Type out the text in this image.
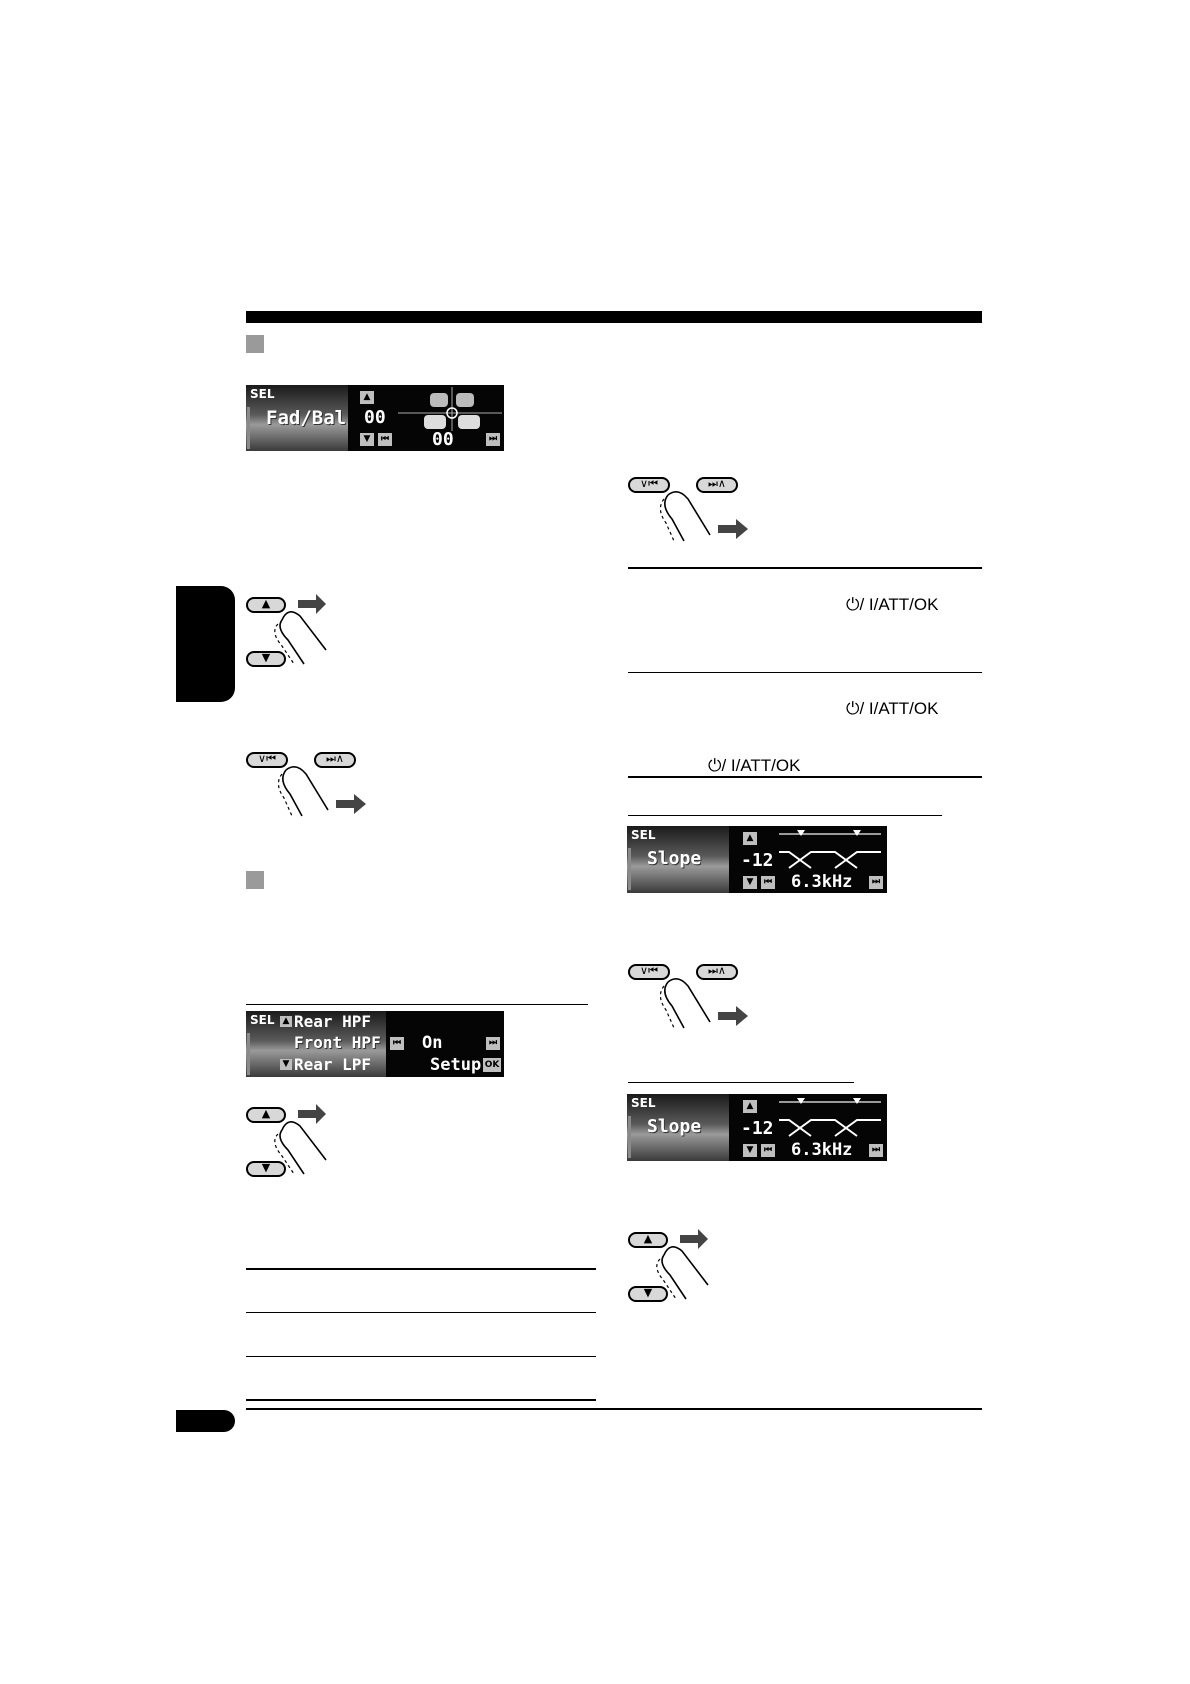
SEL
Fad/Bal
▲
▼	⏮	⏭
00
00
▲
▼
∨⏮	⏭∧
SEL ▲ Rear HPF
Front HPF
▼ Rear LPF
⏮	⏭
On
Setup OK
▲
▼
∨⏮	⏭∧
⏻/ I/ATT/OK
⏻/ I/ATT/OK
⏻/ I/ATT/OK
SEL
Slope
▲
▼	⏮	⏭
-12
6.3kHz
∨⏮	⏭∧
SEL
Slope
▲
▼	⏮	⏭
-12
6.3kHz
▲
▼
